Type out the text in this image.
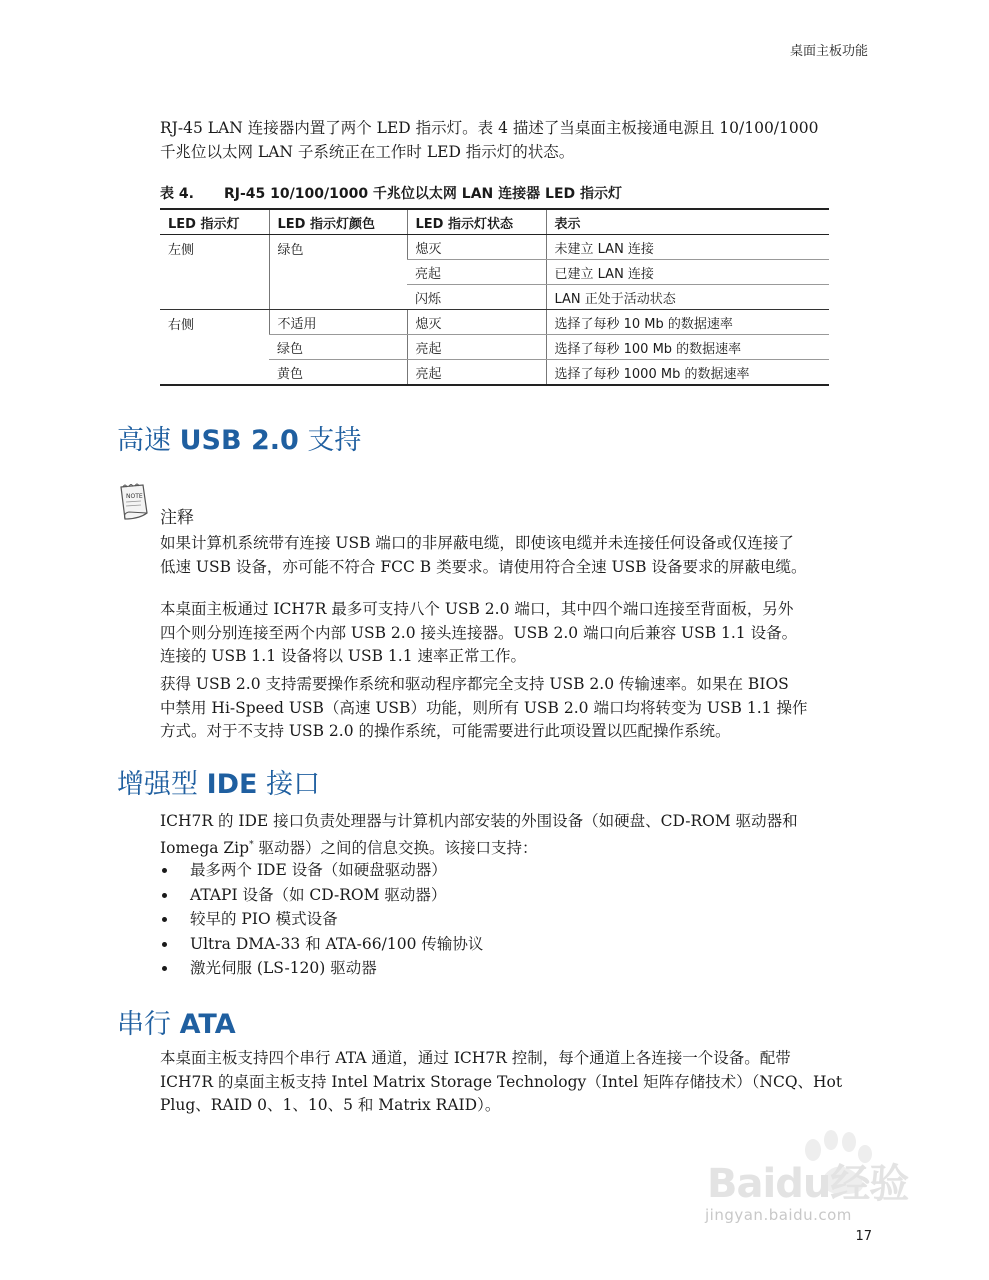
桌面主板功能
RJ-45 LAN 连接器内置了两个 LED 指示灯。表 4 描述了当桌面主板接通电源且 10/100/1000
千兆位以太网 LAN 子系统正在工作时 LED 指示灯的状态。
表 4. RJ-45 10/100/1000 千兆位以太网 LAN 连接器 LED 指示灯
LED 指示灯	LED 指示灯颜色	LED 指示灯状态	表示
左侧	绿色	熄灭	未建立 LAN 连接
		亮起	已建立 LAN 连接
		闪烁	LAN 正处于活动状态
右侧	不适用	熄灭	选择了每秒 10 Mb 的数据速率
	绿色	亮起	选择了每秒 100 Mb 的数据速率
	黄色	亮起	选择了每秒 1000 Mb 的数据速率
高速 USB 2.0 支持
NOTE
注释
如果计算机系统带有连接 USB 端口的非屏蔽电缆，即使该电缆并未连接任何设备或仅连接了
低速 USB 设备，亦可能不符合 FCC B 类要求。请使用符合全速 USB 设备要求的屏蔽电缆。
本桌面主板通过 ICH7R 最多可支持八个 USB 2.0 端口，其中四个端口连接至背面板，另外
四个则分别连接至两个内部 USB 2.0 接头连接器。USB 2.0 端口向后兼容 USB 1.1 设备。
连接的 USB 1.1 设备将以 USB 1.1 速率正常工作。
获得 USB 2.0 支持需要操作系统和驱动程序都完全支持 USB 2.0 传输速率。如果在 BIOS
中禁用 Hi-Speed USB（高速 USB）功能，则所有 USB 2.0 端口均将转变为 USB 1.1 操作
方式。对于不支持 USB 2.0 的操作系统，可能需要进行此项设置以匹配操作系统。
增强型 IDE 接口
ICH7R 的 IDE 接口负责处理器与计算机内部安装的外围设备（如硬盘、CD-ROM 驱动器和
Iomega Zip* 驱动器）之间的信息交换。该接口支持：
最多两个 IDE 设备（如硬盘驱动器）
ATAPI 设备（如 CD-ROM 驱动器）
较早的 PIO 模式设备
Ultra DMA-33 和 ATA-66/100 传输协议
激光伺服 (LS-120) 驱动器
串行 ATA
本桌面主板支持四个串行 ATA 通道，通过 ICH7R 控制，每个通道上各连接一个设备。配带
ICH7R 的桌面主板支持 Intel Matrix Storage Technology（Intel 矩阵存储技术）（NCQ、Hot
Plug、RAID 0、1、10、5 和 Matrix RAID）。
Baidu经验
jingyan.baidu.com
17
